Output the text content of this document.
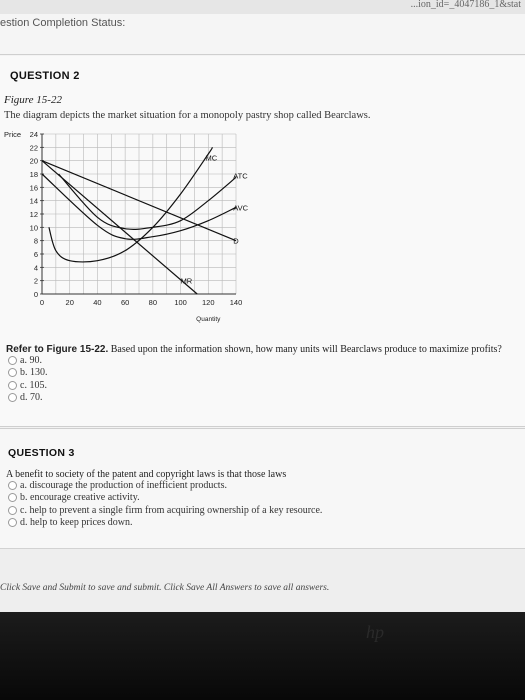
...ion_id=_4047186_1&stat
estion Completion Status:
QUESTION 2
Figure 15-22
The diagram depicts the market situation for a monopoly pastry shop called Bearclaws.
0
2
4
6
8
10
12
14
16
18
20
22
24
0	20	40	60	80 100 120 140
Price
Quantity
MC
ATC
AVC
D
MR
Refer to Figure 15-22. Based upon the information shown, how many units will Bearclaws produce to maximize profits?
a. 90.
b. 130.
c. 105.
d. 70.
QUESTION 3
A benefit to society of the patent and copyright laws is that those laws
a. discourage the production of inefficient products.
b. encourage creative activity.
c. help to prevent a single firm from acquiring ownership of a key resource.
d. help to keep prices down.
Click Save and Submit to save and submit. Click Save All Answers to save all answers.
hp
